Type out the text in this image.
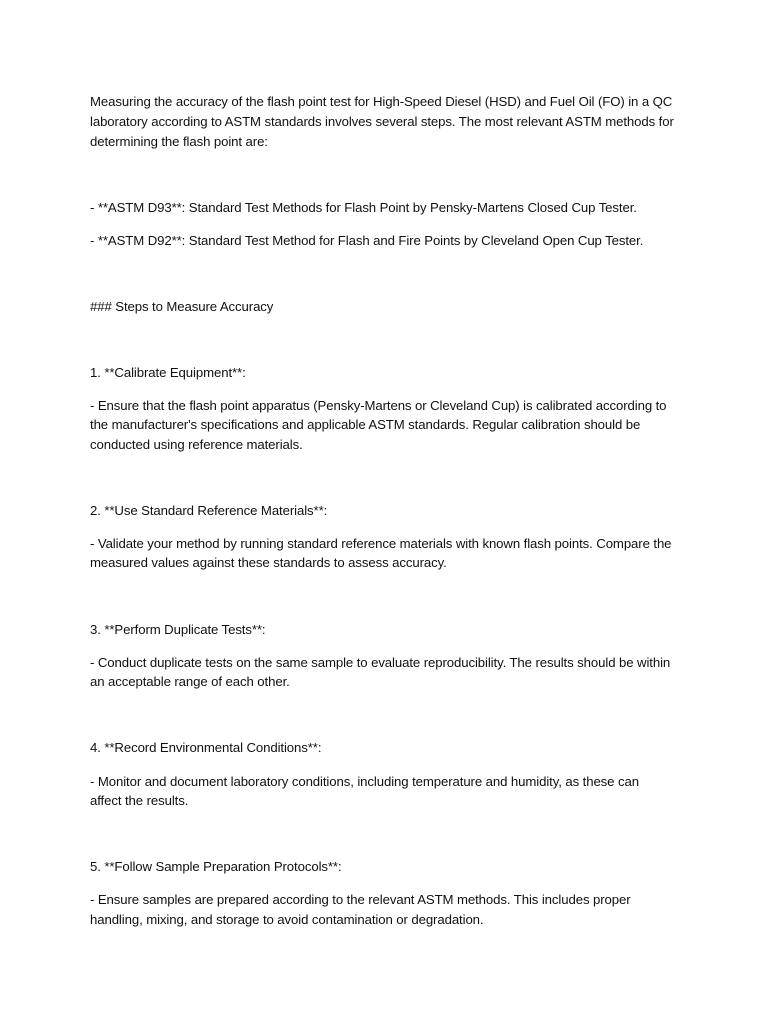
Measuring the accuracy of the flash point test for High-Speed Diesel (HSD) and Fuel Oil (FO) in a QC
laboratory according to ASTM standards involves several steps. The most relevant ASTM methods for
determining the flash point are:
- **ASTM D93**: Standard Test Methods for Flash Point by Pensky-Martens Closed Cup Tester.
- **ASTM D92**: Standard Test Method for Flash and Fire Points by Cleveland Open Cup Tester.
### Steps to Measure Accuracy
1. **Calibrate Equipment**:
- Ensure that the flash point apparatus (Pensky-Martens or Cleveland Cup) is calibrated according to
the manufacturer's specifications and applicable ASTM standards. Regular calibration should be
conducted using reference materials.
2. **Use Standard Reference Materials**:
- Validate your method by running standard reference materials with known flash points. Compare the
measured values against these standards to assess accuracy.
3. **Perform Duplicate Tests**:
- Conduct duplicate tests on the same sample to evaluate reproducibility. The results should be within
an acceptable range of each other.
4. **Record Environmental Conditions**:
- Monitor and document laboratory conditions, including temperature and humidity, as these can
affect the results.
5. **Follow Sample Preparation Protocols**:
- Ensure samples are prepared according to the relevant ASTM methods. This includes proper
handling, mixing, and storage to avoid contamination or degradation.
